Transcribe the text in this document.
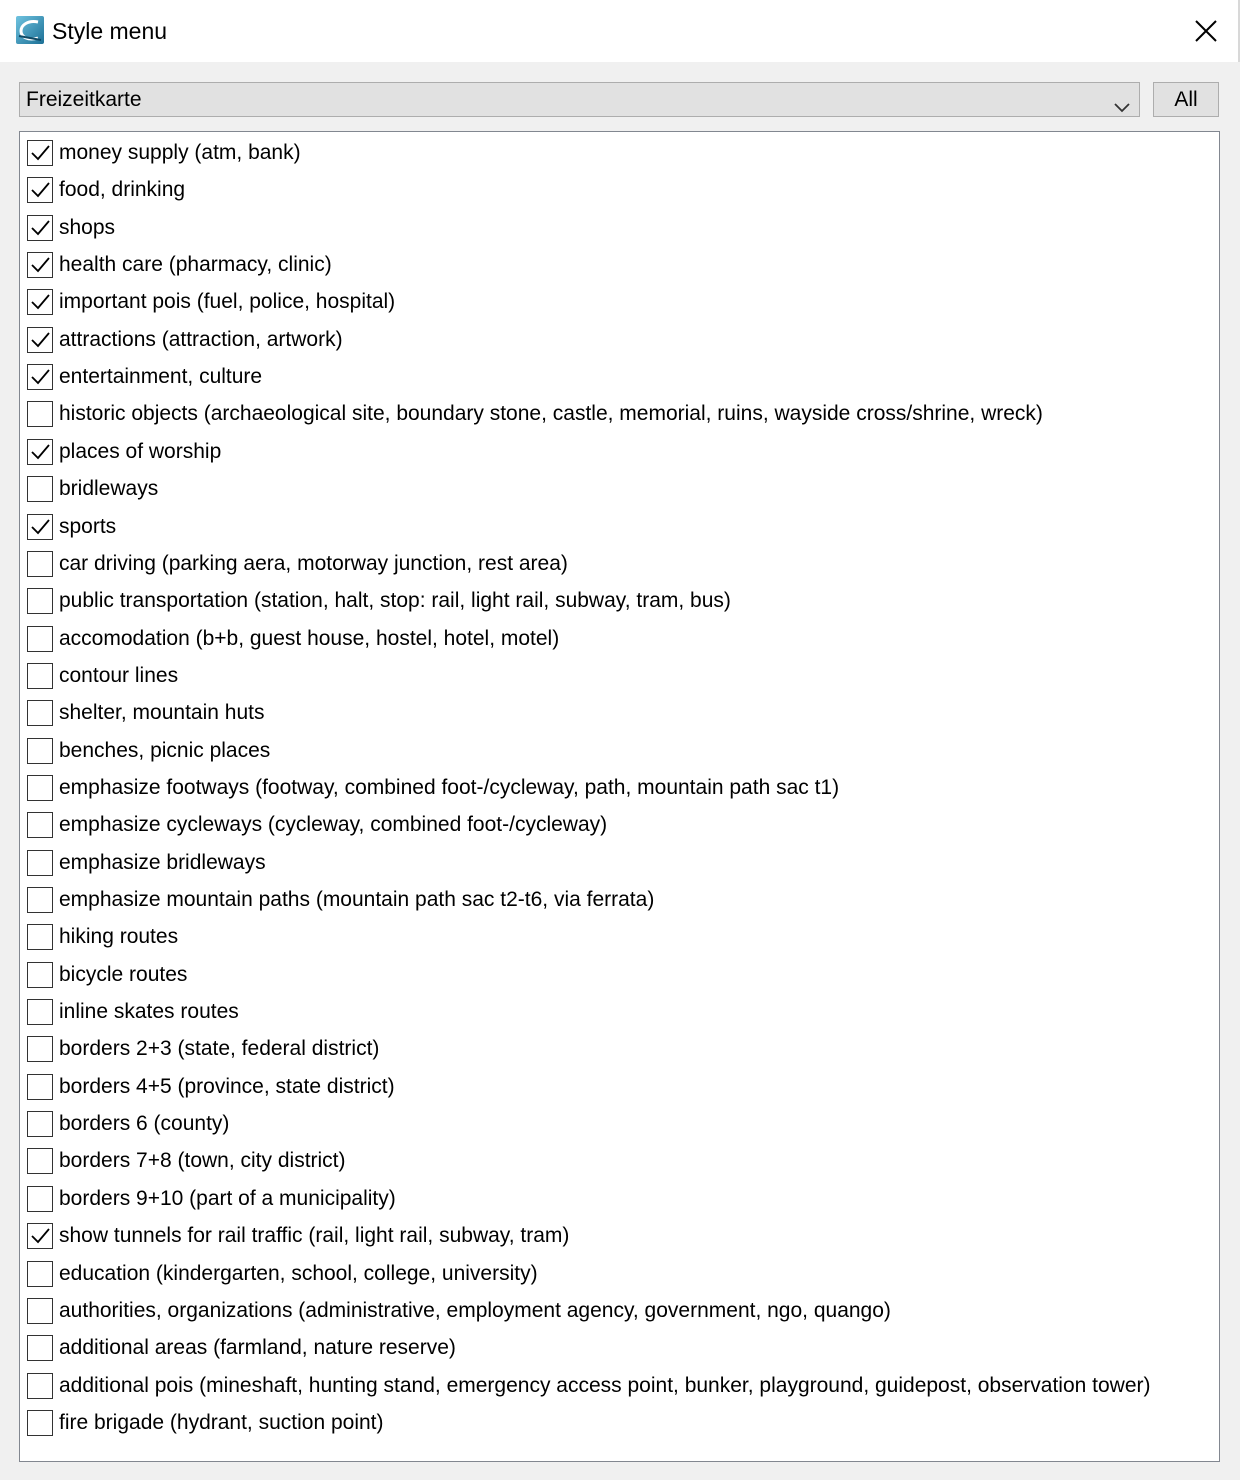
Style menu
Freizeitkarte	All
money supply (atm, bank)
food, drinking
shops
health care (pharmacy, clinic)
important pois (fuel, police, hospital)
attractions (attraction, artwork)
entertainment, culture
historic objects (archaeological site, boundary stone, castle, memorial, ruins, wayside cross/shrine, wreck)
places of worship
bridleways
sports
car driving (parking aera, motorway junction, rest area)
public transportation (station, halt, stop: rail, light rail, subway, tram, bus)
accomodation (b+b, guest house, hostel, hotel, motel)
contour lines
shelter, mountain huts
benches, picnic places
emphasize footways (footway, combined foot-/cycleway, path, mountain path sac t1)
emphasize cycleways (cycleway, combined foot-/cycleway)
emphasize bridleways
emphasize mountain paths (mountain path sac t2-t6, via ferrata)
hiking routes
bicycle routes
inline skates routes
borders 2+3 (state, federal district)
borders 4+5 (province, state district)
borders 6 (county)
borders 7+8 (town, city district)
borders 9+10 (part of a municipality)
show tunnels for rail traffic (rail, light rail, subway, tram)
education (kindergarten, school, college, university)
authorities, organizations (administrative, employment agency, government, ngo, quango)
additional areas (farmland, nature reserve)
additional pois (mineshaft, hunting stand, emergency access point, bunker, playground, guidepost, observation tower)
fire brigade (hydrant, suction point)
